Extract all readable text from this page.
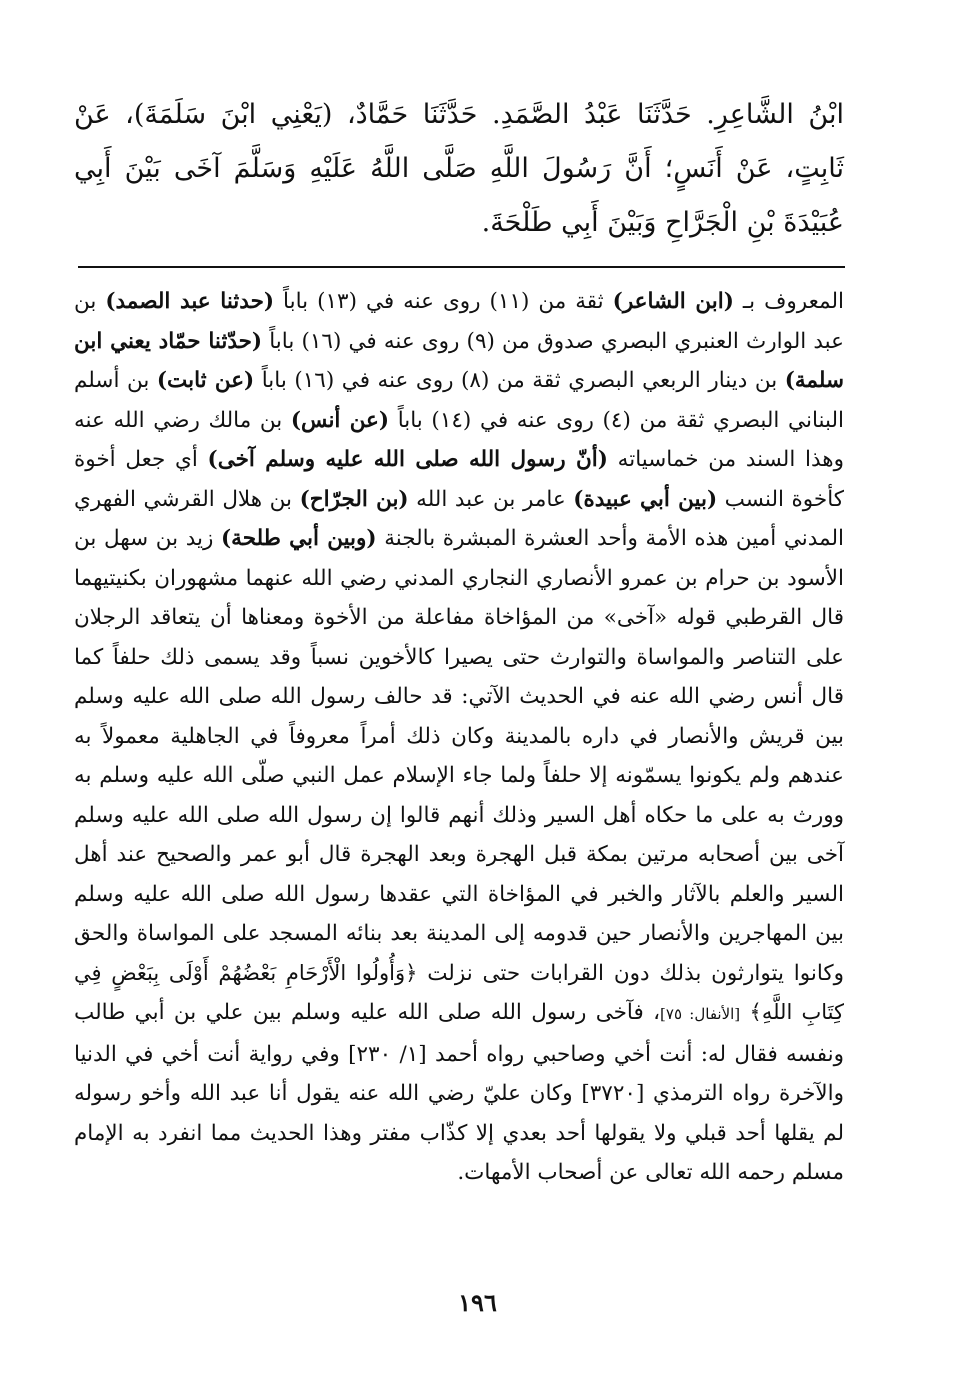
ابْنُ الشَّاعِرِ. حَدَّثَنَا عَبْدُ الصَّمَدِ. حَدَّثَنَا حَمَّادٌ، (يَعْنِي ابْنَ سَلَمَةَ)، عَنْ ثَابِتٍ، عَنْ أَنَسٍ؛ أَنَّ رَسُولَ اللَّهِ صَلَّى اللَّهُ عَلَيْهِ وَسَلَّمَ آخَى بَيْنَ أَبِي عُبَيْدَةَ بْنِ الْجَرَّاحِ وَبَيْنَ أَبِي طَلْحَةَ.

المعروف بـ (ابن الشاعر) ثقة من (١١) روى عنه في (١٣) باباً (حدثنا عبد الصمد) بن عبد الوارث العنبري البصري صدوق من (٩) روى عنه في (١٦) باباً (حدّثنا حمّاد يعني ابن سلمة) بن دينار الربعي البصري ثقة من (٨) روى عنه في (١٦) باباً (عن ثابت) بن أسلم البناني البصري ثقة من (٤) روى عنه في (١٤) باباً (عن أنس) بن مالك رضي الله عنه وهذا السند من خماسياته (أنّ رسول الله صلى الله عليه وسلم آخى) أي جعل أخوة كأخوة النسب (بين أبي عبيدة) عامر بن عبد الله (بن الجرّاح) بن هلال القرشي الفهري المدني أمين هذه الأمة وأحد العشرة المبشرة بالجنة (وبين أبي طلحة) زيد بن سهل بن الأسود بن حرام بن عمرو الأنصاري النجاري المدني رضي الله عنهما مشهوران بكنيتيهما قال القرطبي قوله «آخى» من المؤاخاة مفاعلة من الأخوة ومعناها أن يتعاقد الرجلان على التناصر والمواساة والتوارث حتى يصيرا كالأخوين نسباً وقد يسمى ذلك حلفاً كما قال أنس رضي الله عنه في الحديث الآتي: قد حالف رسول الله صلى الله عليه وسلم بين قريش والأنصار في داره بالمدينة وكان ذلك أمراً معروفاً في الجاهلية معمولاً به عندهم ولم يكونوا يسمّونه إلا حلفاً ولما جاء الإسلام عمل النبي صلّى الله عليه وسلم به وورث به على ما حكاه أهل السير وذلك أنهم قالوا إن رسول الله صلى الله عليه وسلم آخى بين أصحابه مرتين بمكة قبل الهجرة وبعد الهجرة قال أبو عمر والصحيح عند أهل السير والعلم بالآثار والخبر في المؤاخاة التي عقدها رسول الله صلى الله عليه وسلم بين المهاجرين والأنصار حين قدومه إلى المدينة بعد بنائه المسجد على المواساة والحق وكانوا يتوارثون بذلك دون القرابات حتى نزلت ﴿وَأُولُوا الْأَرْحَامِ بَعْضُهُمْ أَوْلَى بِبَعْضٍ فِي كِتَابِ اللَّهِ﴾ [الأنفال: ٧٥]، فآخى رسول الله صلى الله عليه وسلم بين علي بن أبي طالب ونفسه فقال له: أنت أخي وصاحبي رواه أحمد [١/ ٢٣٠] وفي رواية أنت أخي في الدنيا والآخرة رواه الترمذي [٣٧٢٠] وكان عليّ رضي الله عنه يقول أنا عبد الله وأخو رسوله لم يقلها أحد قبلي ولا يقولها أحد بعدي إلا كذّاب مفتر وهذا الحديث مما انفرد به الإمام مسلم رحمه الله تعالى عن أصحاب الأمهات.

١٩٦
